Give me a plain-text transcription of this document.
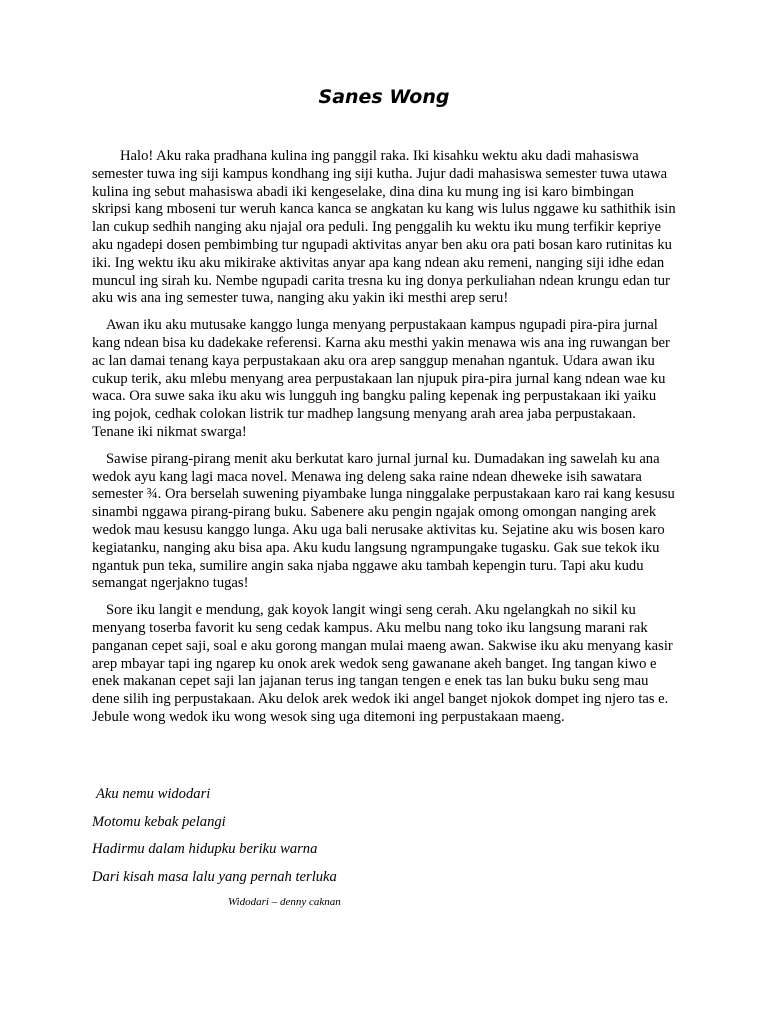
Sanes Wong

Halo! Aku raka pradhana kulina ing panggil raka. Iki kisahku wektu aku dadi mahasiswa semester tuwa ing siji kampus kondhang ing siji kutha. Jujur dadi mahasiswa semester tuwa utawa kulina ing sebut mahasiswa abadi iki kengeselake, dina dina ku mung ing isi karo bimbingan skripsi kang mboseni tur weruh kanca kanca se angkatan ku kang wis lulus nggawe ku sathithik isin lan cukup sedhih nanging aku njajal ora peduli. Ing penggalih ku wektu iku mung terfikir kepriye aku ngadepi dosen pembimbing tur ngupadi aktivitas anyar ben aku ora pati bosan karo rutinitas ku iki. Ing wektu iku aku mikirake aktivitas anyar apa kang ndean aku remeni, nanging siji idhe edan muncul ing sirah ku. Nembe ngupadi carita tresna ku ing donya perkuliahan ndean krungu edan tur aku wis ana ing semester tuwa, nanging aku yakin iki mesthi arep seru!

Awan iku aku mutusake kanggo lunga menyang perpustakaan kampus ngupadi pira-pira jurnal kang ndean bisa ku dadekake referensi. Karna aku mesthi yakin menawa wis ana ing ruwangan ber ac lan damai tenang kaya perpustakaan aku ora arep sanggup menahan ngantuk. Udara awan iku cukup terik, aku mlebu menyang area perpustakaan lan njupuk pira-pira jurnal kang ndean wae ku waca. Ora suwe saka iku aku wis lungguh ing bangku paling kepenak ing perpustakaan iki yaiku ing pojok, cedhak colokan listrik tur madhep langsung menyang arah area jaba perpustakaan. Tenane iki nikmat swarga!

Sawise pirang-pirang menit aku berkutat karo jurnal jurnal ku. Dumadakan ing sawelah ku ana wedok ayu kang lagi maca novel. Menawa ing deleng saka raine ndean dheweke isih sawatara semester ¾. Ora berselah suwening piyambake lunga ninggalake perpustakaan karo rai kang kesusu sinambi nggawa pirang-pirang buku. Sabenere aku pengin ngajak omong omongan nanging arek wedok mau kesusu kanggo lunga. Aku uga bali nerusake aktivitas ku. Sejatine aku wis bosen karo kegiatanku, nanging aku bisa apa. Aku kudu langsung ngrampungake tugasku. Gak sue tekok iku ngantuk pun teka, sumilire angin saka njaba nggawe aku tambah kepengin turu. Tapi aku kudu semangat ngerjakno tugas!

Sore iku langit e mendung, gak koyok langit wingi seng cerah. Aku ngelangkah no sikil ku menyang toserba favorit ku seng cedak kampus. Aku melbu nang toko iku langsung marani rak panganan cepet saji, soal e aku gorong mangan mulai maeng awan. Sakwise iku aku menyang kasir arep mbayar tapi ing ngarep ku onok arek wedok seng gawanane akeh banget. Ing tangan kiwo e enek makanan cepet saji lan jajanan terus ing tangan tengen e enek tas lan buku buku seng mau dene silih ing perpustakaan. Aku delok arek wedok iki angel banget njokok dompet ing njero tas e. Jebule wong wedok iku wong wesok sing uga ditemoni ing perpustakaan maeng.

Aku nemu widodari
Motomu kebak pelangi
Hadirmu dalam hidupku beriku warna
Dari kisah masa lalu yang pernah terluka
Widodari – denny caknan
